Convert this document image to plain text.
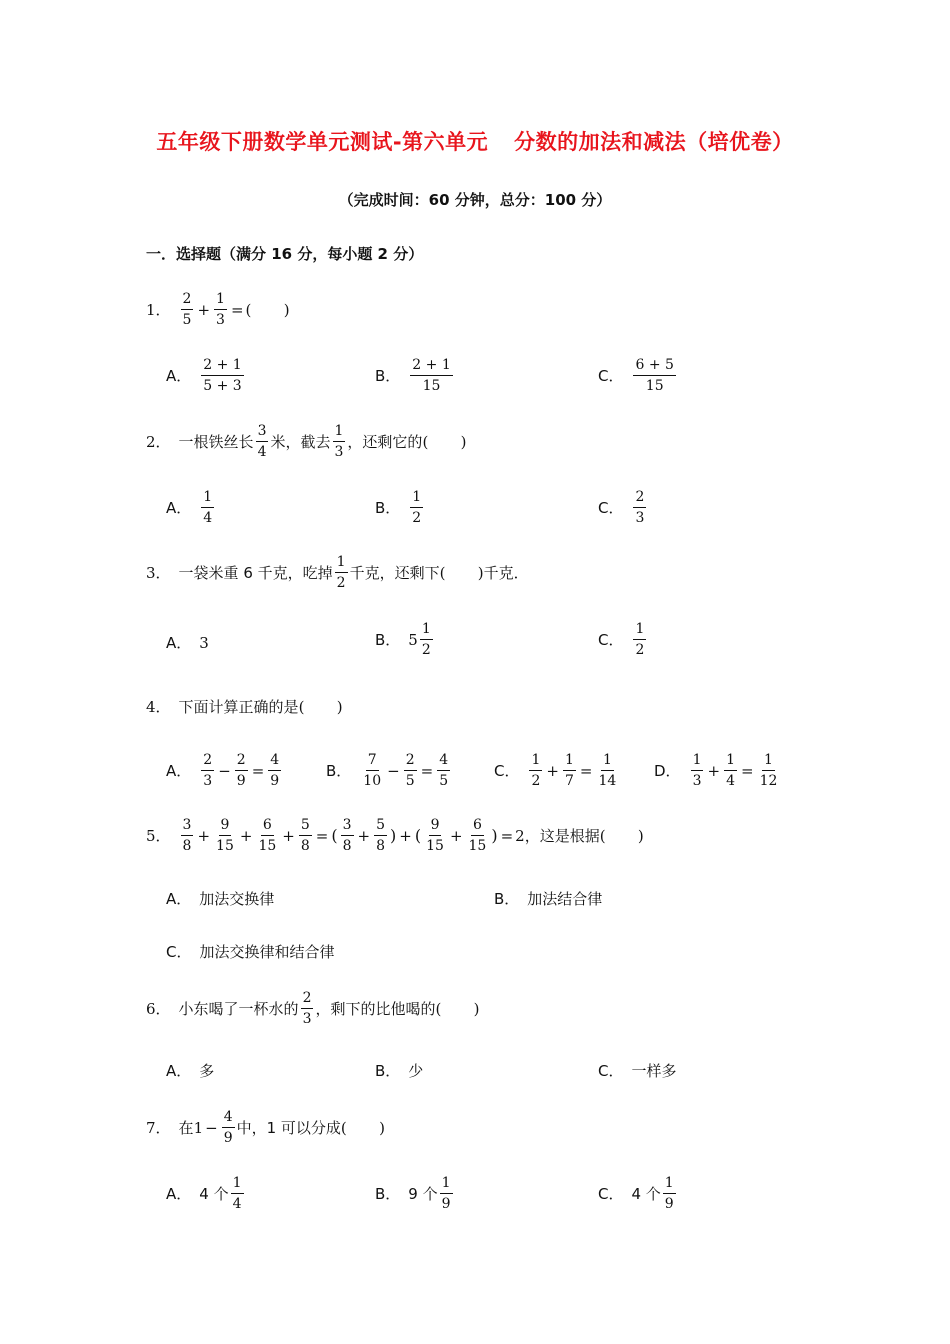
五年级下册数学单元测试-第六单元 分数的加法和减法（培优卷）
（完成时间：60 分钟，总分：100 分）
一．选择题（满分 16 分，每小题 2 分）
1． $\frac{2}{5} + \frac{1}{3}$ =
( )
A． $\frac{2 + 1}{5 + 3}$	B． $\frac{2 + 1}{15}$	C． $\frac{6 + 5}{15}$
2． 一根铁丝长 $\frac{3}{4}$ 米，截去 $\frac{1}{3}$ ，还剩它的
( )
A． $\frac{1}{4}$	B． $\frac{1}{2}$	C． $\frac{2}{3}$
3． 一袋米重 6 千克，吃掉 $\frac{1}{2}$ 千克，还剩下
( )	千克．
A． 3	B． $5 \frac{1}{2}$	C． $\frac{1}{2}$
4． 下面计算正确的是
( )
A． $\frac{2}{3} - \frac{2}{9} = \frac{4}{9}$	B． $\frac{7}{10} - \frac{2}{5} = \frac{4}{5}$	C． $\frac{1}{2} + \frac{1}{7} = \frac{1}{14}$ D． $\frac{1}{3} + \frac{1}{4} = \frac{1}{12}$
5． $\frac{3}{8} + \frac{9}{15} + \frac{6}{15} + \frac{5}{8}$ = ( $\frac{3}{8} + \frac{5}{8}$ ) + ( $\frac{9}{15} + \frac{6}{15}$ ) = 2 ，这是根据
( )
A． 加法交换律	B． 加法结合律
C． 加法交换律和结合律
6． 小东喝了一杯水的 $\frac{2}{3}$ ，剩下的比他喝的
( )
A． 多	B． 少	C． 一样多
7． 在 $1 - \frac{4}{9}$ 中，1 可以分成
( )
A． 4 个 $\frac{1}{4}$	B． 9 个 $\frac{1}{9}$	C． 4 个 $\frac{1}{9}$
